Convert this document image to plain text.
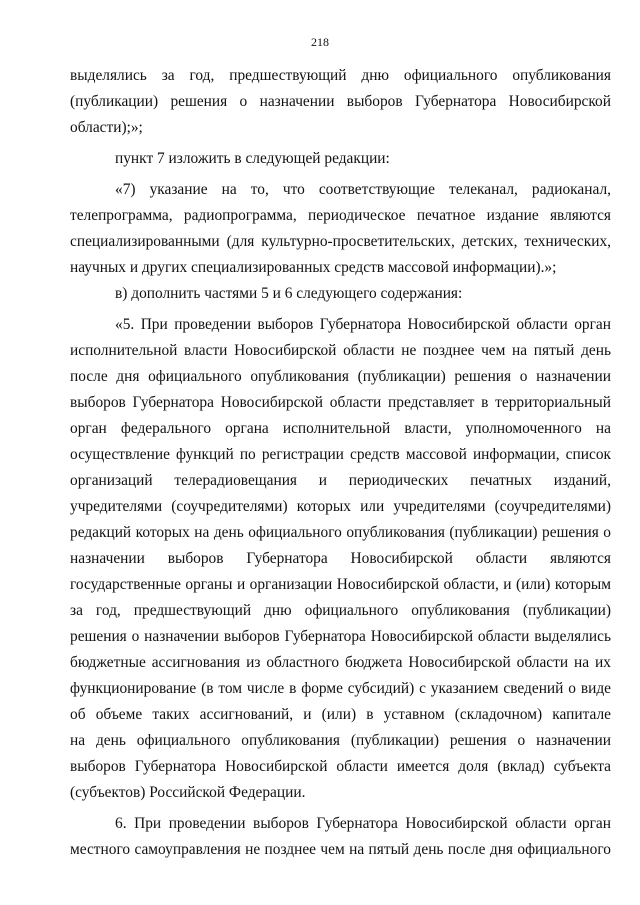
218
выделялись за год, предшествующий дню официального опубликования
(публикации) решения о назначении выборов Губернатора Новосибирской
области);»;
пункт 7 изложить в следующей редакции:
«7) указание на то, что соответствующие телеканал, радиоканал,
телепрограмма, радиопрограмма, периодическое печатное издание являются
специализированными (для культурно-просветительских, детских, технических,
научных и других специализированных средств массовой информации).»;
в) дополнить частями 5 и 6 следующего содержания:
«5. При проведении выборов Губернатора Новосибирской области орган
исполнительной власти Новосибирской области не позднее чем на пятый день
после дня официального опубликования (публикации) решения о назначении
выборов Губернатора Новосибирской области представляет в территориальный
орган федерального органа исполнительной власти, уполномоченного на
осуществление функций по регистрации средств массовой информации, список
организаций телерадиовещания и периодических печатных изданий,
учредителями (соучредителями) которых или учредителями (соучредителями)
редакций которых на день официального опубликования (публикации) решения о
назначении выборов Губернатора Новосибирской области являются
государственные органы и организации Новосибирской области, и (или) которым
за год, предшествующий дню официального опубликования (публикации)
решения о назначении выборов Губернатора Новосибирской области выделялись
бюджетные ассигнования из областного бюджета Новосибирской области на их
функционирование (в том числе в форме субсидий) с указанием сведений о виде
об объеме таких ассигнований, и (или) в уставном (складочном) капитале
на день официального опубликования (публикации) решения о назначении
выборов Губернатора Новосибирской области имеется доля (вклад) субъекта
(субъектов) Российской Федерации.
6. При проведении выборов Губернатора Новосибирской области орган
местного самоуправления не позднее чем на пятый день после дня официального
